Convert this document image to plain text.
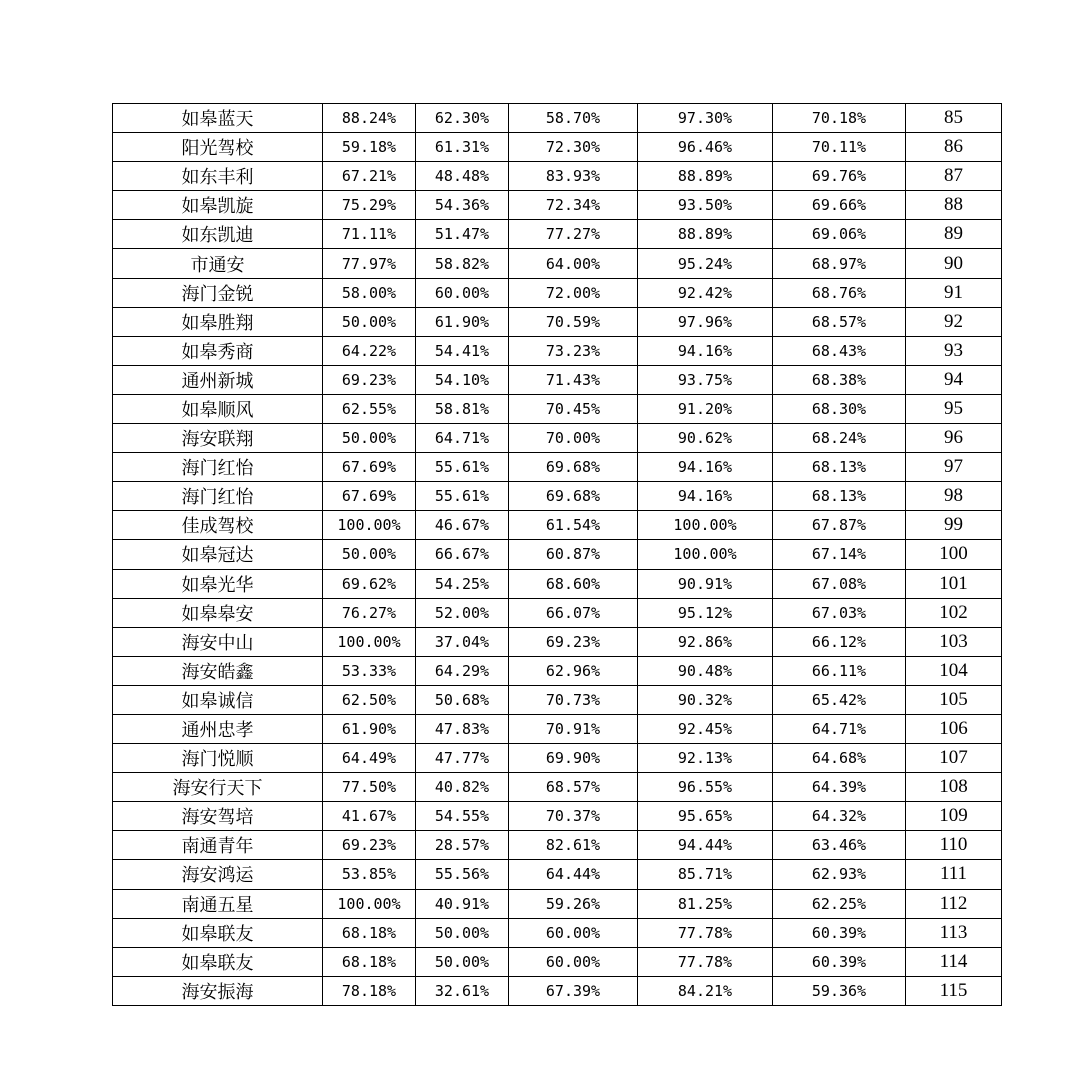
如皋蓝天	88.24%	62.30%	58.70%	97.30%	70.18%	85
阳光驾校	59.18%	61.31%	72.30%	96.46%	70.11%	86
如东丰利	67.21%	48.48%	83.93%	88.89%	69.76%	87
如皋凯旋	75.29%	54.36%	72.34%	93.50%	69.66%	88
如东凯迪	71.11%	51.47%	77.27%	88.89%	69.06%	89
市通安	77.97%	58.82%	64.00%	95.24%	68.97%	90
海门金锐	58.00%	60.00%	72.00%	92.42%	68.76%	91
如皋胜翔	50.00%	61.90%	70.59%	97.96%	68.57%	92
如皋秀商	64.22%	54.41%	73.23%	94.16%	68.43%	93
通州新城	69.23%	54.10%	71.43%	93.75%	68.38%	94
如皋顺风	62.55%	58.81%	70.45%	91.20%	68.30%	95
海安联翔	50.00%	64.71%	70.00%	90.62%	68.24%	96
海门红怡	67.69%	55.61%	69.68%	94.16%	68.13%	97
海门红怡	67.69%	55.61%	69.68%	94.16%	68.13%	98
佳成驾校	100.00%	46.67%	61.54%	100.00%	67.87%	99
如皋冠达	50.00%	66.67%	60.87%	100.00%	67.14%	100
如皋光华	69.62%	54.25%	68.60%	90.91%	67.08%	101
如皋皋安	76.27%	52.00%	66.07%	95.12%	67.03%	102
海安中山	100.00%	37.04%	69.23%	92.86%	66.12%	103
海安皓鑫	53.33%	64.29%	62.96%	90.48%	66.11%	104
如皋诚信	62.50%	50.68%	70.73%	90.32%	65.42%	105
通州忠孝	61.90%	47.83%	70.91%	92.45%	64.71%	106
海门悦顺	64.49%	47.77%	69.90%	92.13%	64.68%	107
海安行天下	77.50%	40.82%	68.57%	96.55%	64.39%	108
海安驾培	41.67%	54.55%	70.37%	95.65%	64.32%	109
南通青年	69.23%	28.57%	82.61%	94.44%	63.46%	110
海安鸿运	53.85%	55.56%	64.44%	85.71%	62.93%	111
南通五星	100.00%	40.91%	59.26%	81.25%	62.25%	112
如皋联友	68.18%	50.00%	60.00%	77.78%	60.39%	113
如皋联友	68.18%	50.00%	60.00%	77.78%	60.39%	114
海安振海	78.18%	32.61%	67.39%	84.21%	59.36%	115
